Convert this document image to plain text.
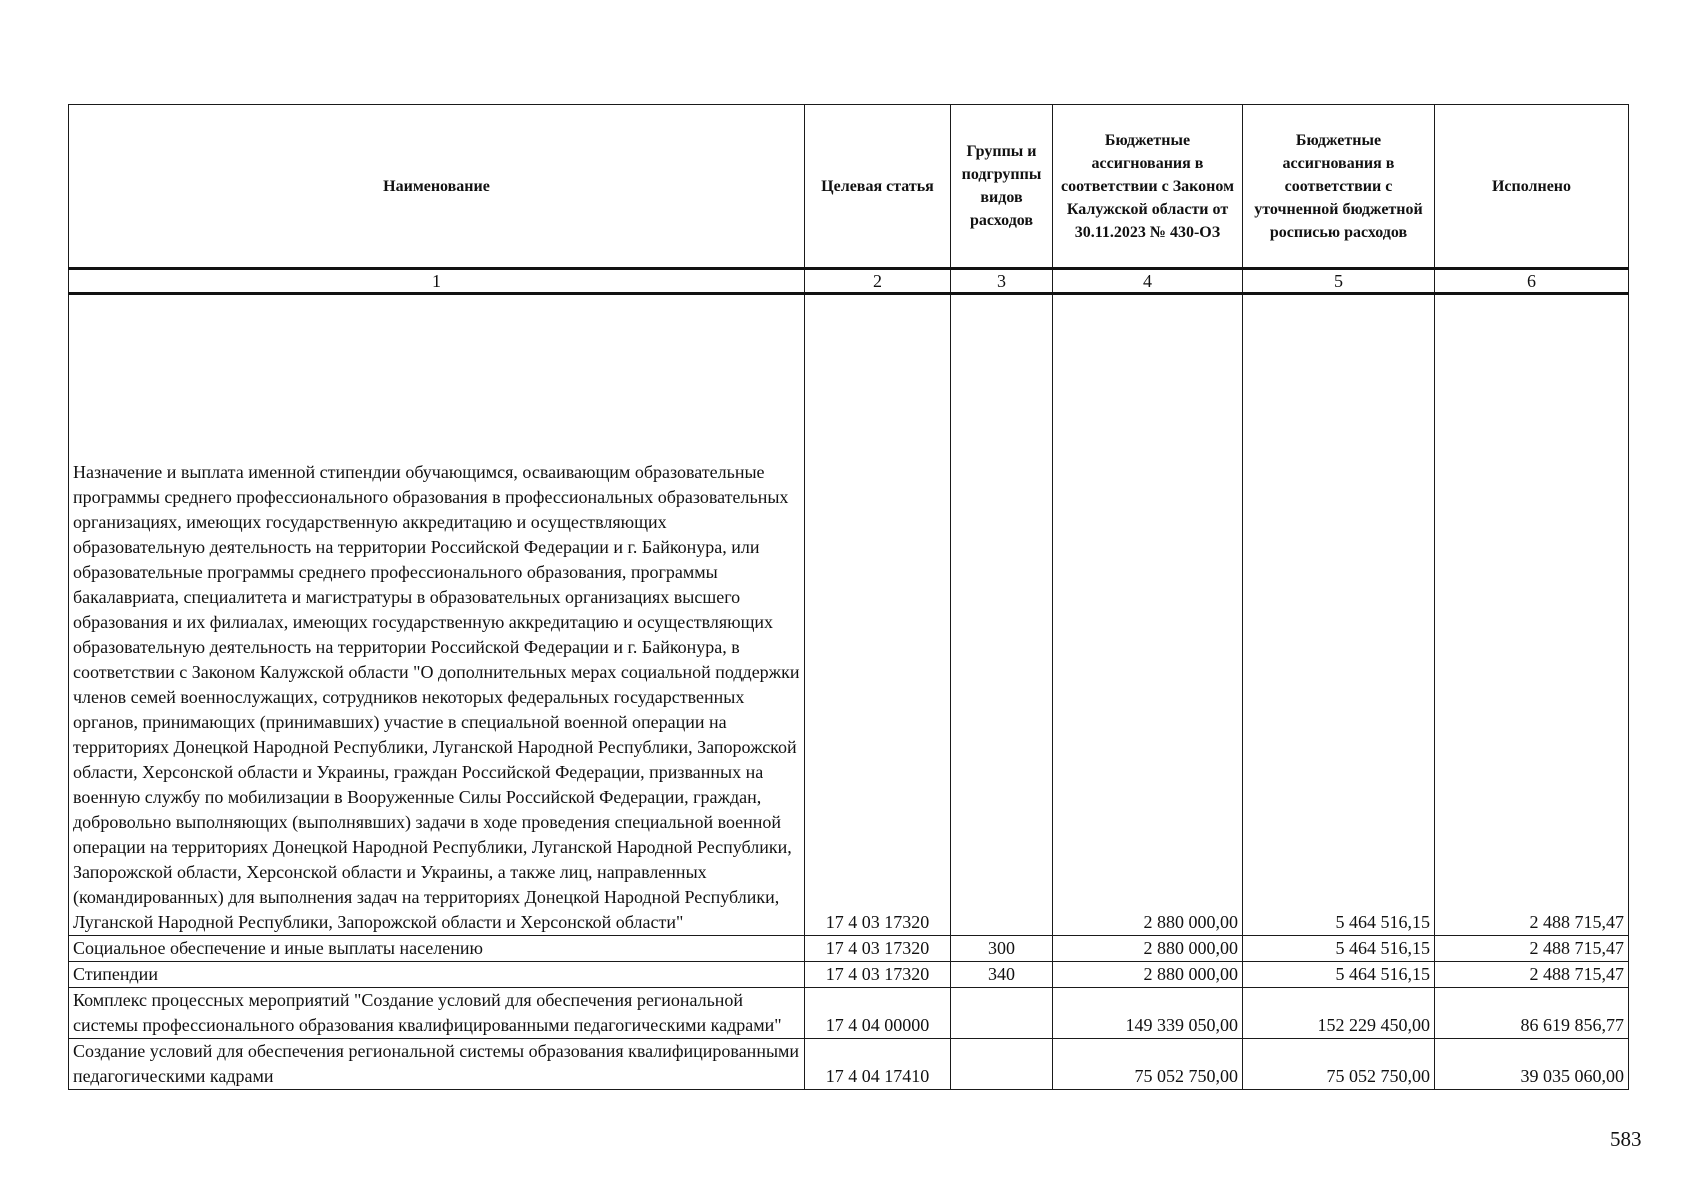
Наименование	Целевая статья	Группы и подгруппы видов расходов	Бюджетные ассигнования в соответствии с Законом Калужской области от 30.11.2023 № 430-ОЗ	Бюджетные ассигнования в соответствии с уточненной бюджетной росписью расходов	Исполнено
1	2	3	4	5	6
Назначение и выплата именной стипендии обучающимся, осваивающим образовательные программы среднего профессионального образования в профессиональных образовательных организациях, имеющих государственную аккредитацию и осуществляющих образовательную деятельность на территории Российской Федерации и г. Байконура, или образовательные программы среднего профессионального образования, программы бакалавриата, специалитета и магистратуры в образовательных организациях высшего образования и их филиалах, имеющих государственную аккредитацию и осуществляющих образовательную деятельность на территории Российской Федерации и г. Байконура, в соответствии с Законом Калужской области "О дополнительных мерах социальной поддержки членов семей военнослужащих, сотрудников некоторых федеральных государственных органов, принимающих (принимавших) участие в специальной военной операции на территориях Донецкой Народной Республики, Луганской Народной Республики, Запорожской области, Херсонской области и Украины, граждан Российской Федерации, призванных на военную службу по мобилизации в Вооруженные Силы Российской Федерации, граждан, добровольно выполняющих (выполнявших) задачи в ходе проведения специальной военной операции на территориях Донецкой Народной Республики, Луганской Народной Республики, Запорожской области, Херсонской области и Украины, а также лиц, направленных (командированных) для выполнения задач на территориях Донецкой Народной Республики, Луганской Народной Республики, Запорожской области и Херсонской области"	17 4 03 17320		2 880 000,00	5 464 516,15	2 488 715,47
Социальное обеспечение и иные выплаты населению	17 4 03 17320	300	2 880 000,00	5 464 516,15	2 488 715,47
Стипендии	17 4 03 17320	340	2 880 000,00	5 464 516,15	2 488 715,47
Комплекс процессных мероприятий "Создание условий для обеспечения региональной системы профессионального образования квалифицированными педагогическими кадрами"	17 4 04 00000		149 339 050,00	152 229 450,00	86 619 856,77
Создание условий для обеспечения региональной системы образования квалифицированными педагогическими кадрами	17 4 04 17410		75 052 750,00	75 052 750,00	39 035 060,00
583
